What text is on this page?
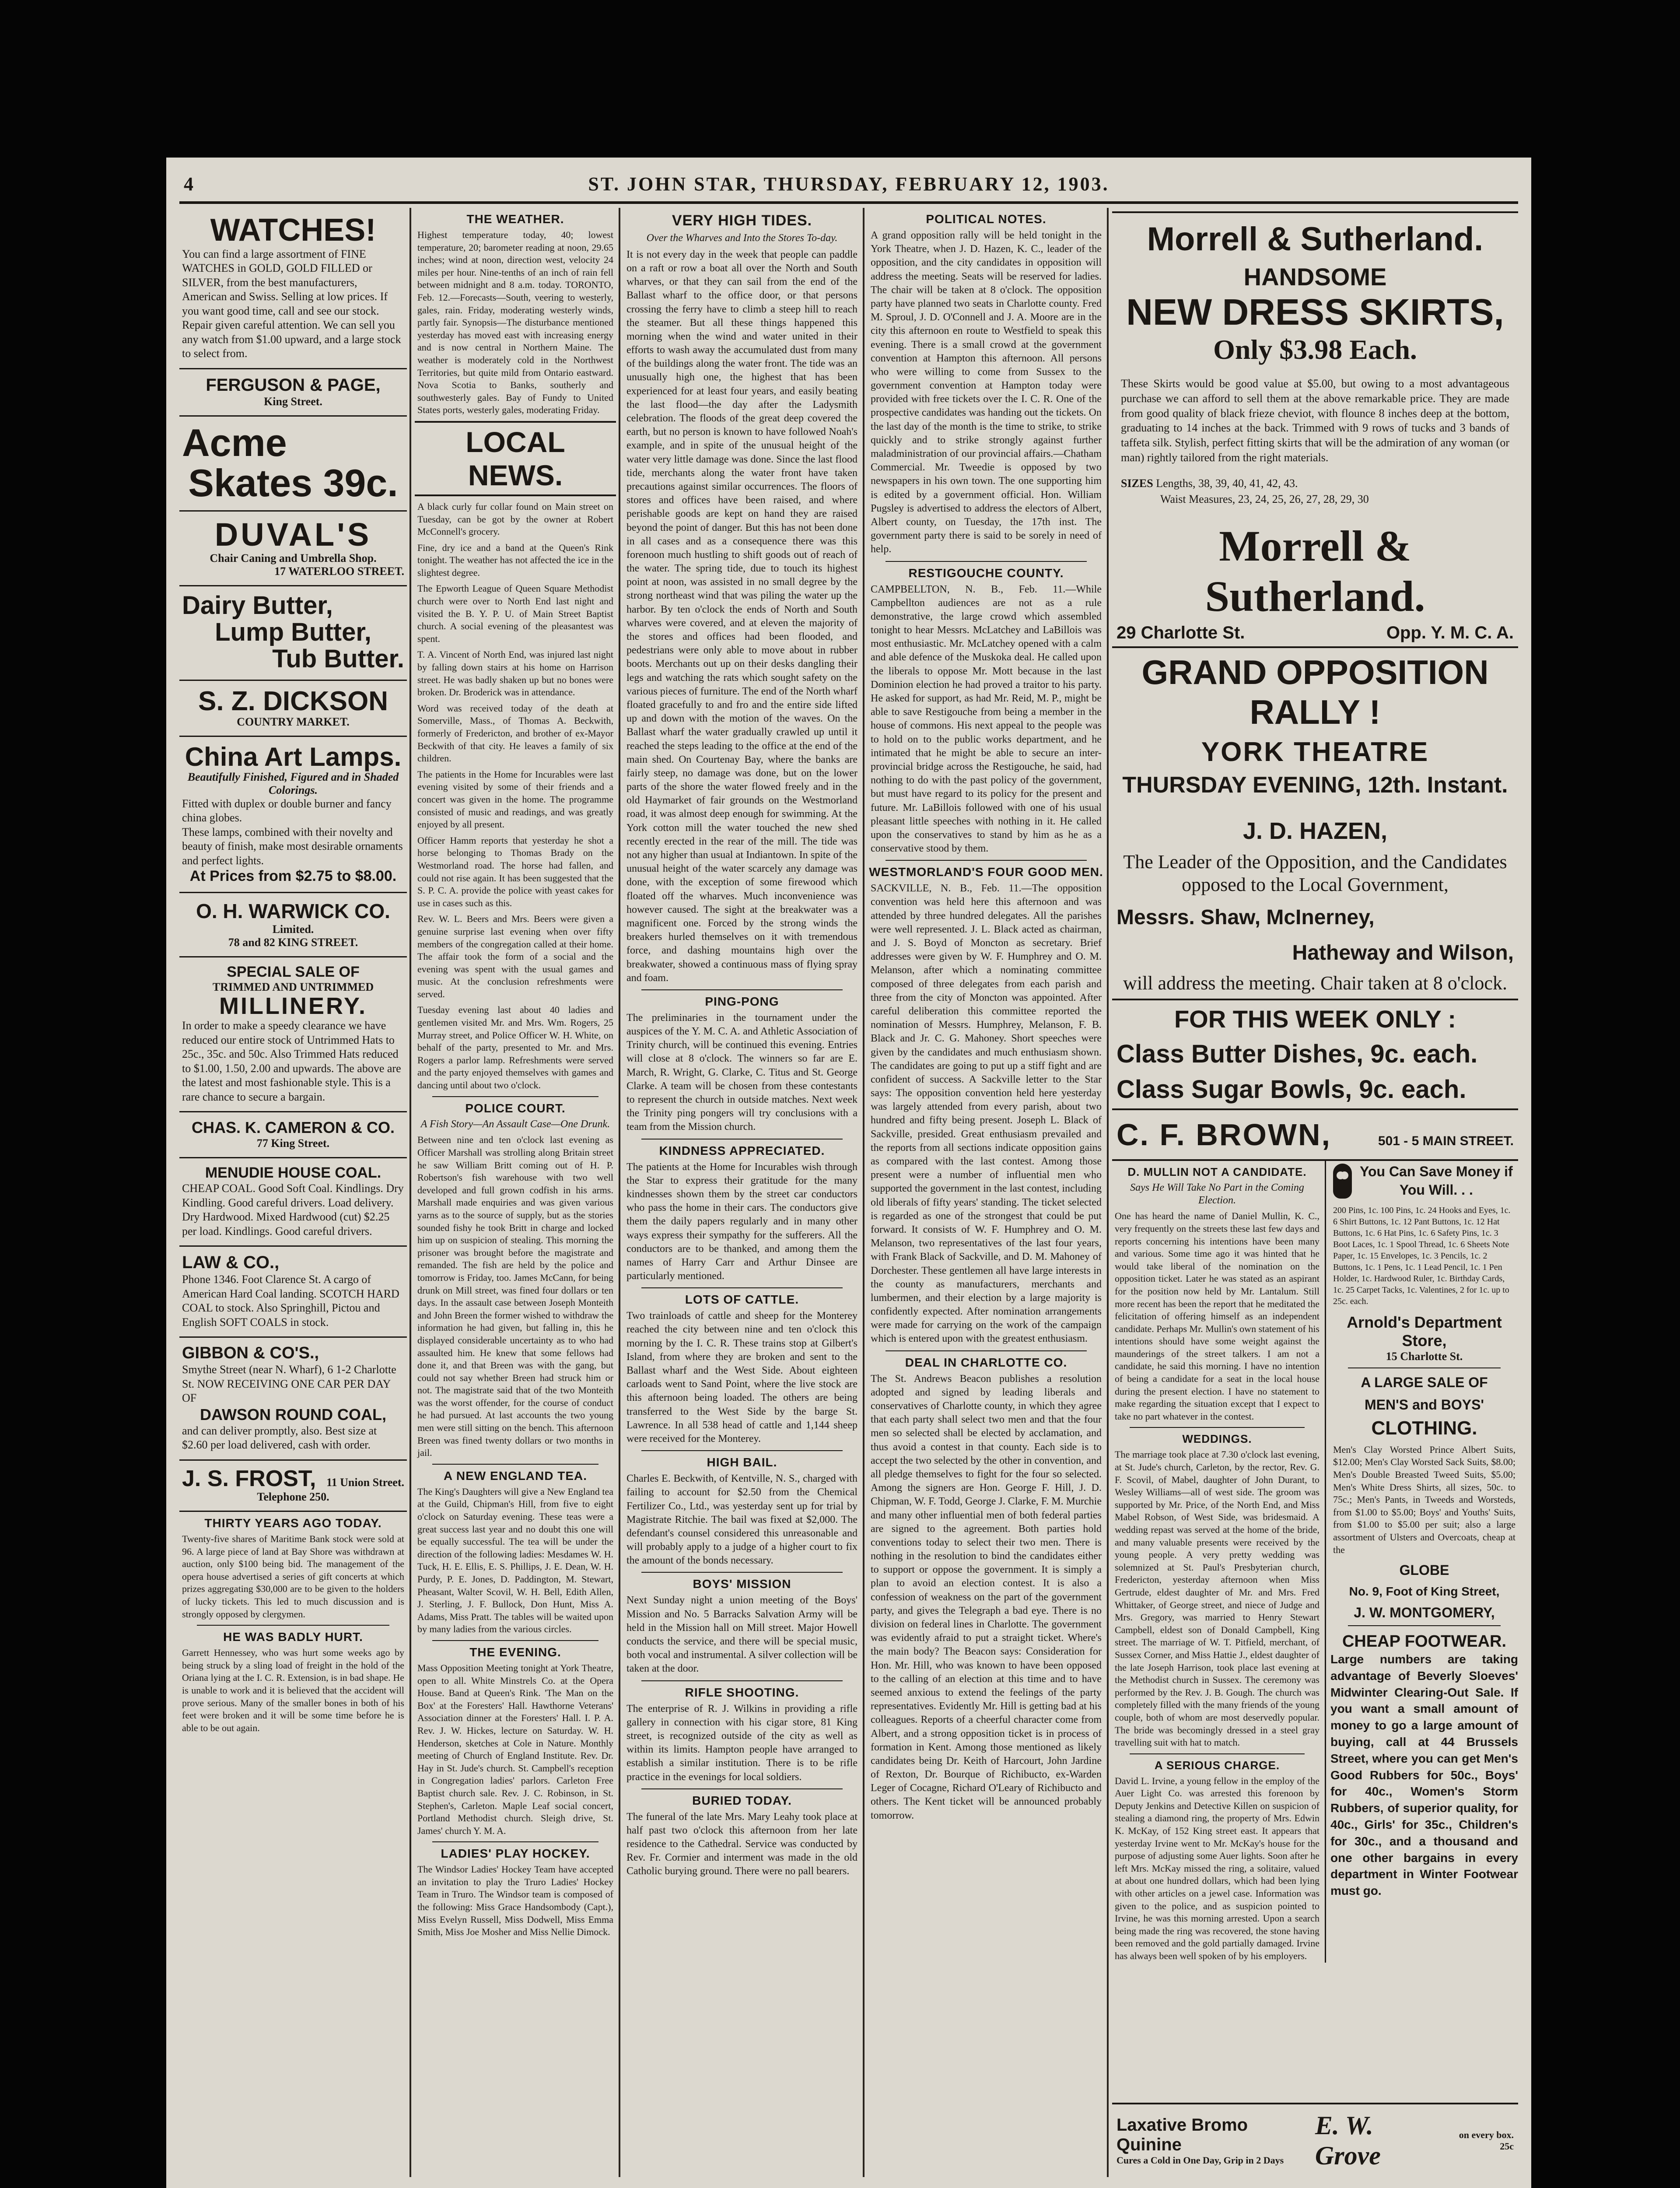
4	ST. JOHN STAR, THURSDAY, FEBRUARY 12, 1903.
WATCHES!
You can find a large assortment of FINE WATCHES in GOLD, GOLD FILLED or SILVER, from the best manufacturers, American and Swiss. Selling at low prices. If you want good time, call and see our stock. Repair given careful attention. We can sell you any watch from $1.00 upward, and a large stock to select from.
FERGUSON & PAGE,
King Street.
Acme
Skates 39c.
DUVAL'S
Chair Caning and Umbrella Shop.
17 WATERLOO STREET.
Dairy Butter,
Lump Butter,
Tub Butter.
S. Z. DICKSON
COUNTRY MARKET.
China Art Lamps.
Beautifully Finished, Figured and in Shaded Colorings.
Fitted with duplex or double burner and fancy china globes.
These lamps, combined with their novelty and beauty of finish, make most desirable ornaments and perfect lights.
At Prices from $2.75 to $8.00.
O. H. WARWICK CO.
Limited.
78 and 82 KING STREET.
SPECIAL SALE OF
TRIMMED AND UNTRIMMED
MILLINERY.
In order to make a speedy clearance we have reduced our entire stock of Untrimmed Hats to 25c., 35c. and 50c. Also Trimmed Hats reduced to $1.00, 1.50, 2.00 and upwards. The above are the latest and most fashionable style. This is a rare chance to secure a bargain.
CHAS. K. CAMERON & CO.
77 King Street.
MENUDIE HOUSE COAL.
CHEAP COAL. Good Soft Coal. Kindlings. Dry Kindling. Good careful drivers. Load delivery. Dry Hardwood. Mixed Hardwood (cut) $2.25 per load. Kindlings. Good careful drivers.
LAW & CO.,
Phone 1346. Foot Clarence St. A cargo of American Hard Coal landing. SCOTCH HARD COAL to stock. Also Springhill, Pictou and English SOFT COALS in stock.
GIBBON & CO'S.,
Smythe Street (near N. Wharf), 6 1-2 Charlotte St. NOW RECEIVING ONE CAR PER DAY OF
DAWSON ROUND COAL,
and can deliver promptly, also. Best size at $2.60 per load delivered, cash with order.
J. S. FROST, 11 Union Street.
Telephone 250.
THIRTY YEARS AGO TODAY.
Twenty-five shares of Maritime Bank stock were sold at 96. A large piece of land at Bay Shore was withdrawn at auction, only $100 being bid. The management of the opera house advertised a series of gift concerts at which prizes aggregating $30,000 are to be given to the holders of lucky tickets. This led to much discussion and is strongly opposed by clergymen.
HE WAS BADLY HURT.
Garrett Hennessey, who was hurt some weeks ago by being struck by a sling load of freight in the hold of the Oriana lying at the I. C. R. Extension, is in bad shape. He is unable to work and it is believed that the accident will prove serious. Many of the smaller bones in both of his feet were broken and it will be some time before he is able to be out again.
THE WEATHER.
Highest temperature today, 40; lowest temperature, 20; barometer reading at noon, 29.65 inches; wind at noon, direction west, velocity 24 miles per hour. Nine-tenths of an inch of rain fell between midnight and 8 a.m. today. TORONTO, Feb. 12.—Forecasts—South, veering to westerly, gales, rain. Friday, moderating westerly winds, partly fair. Synopsis—The disturbance mentioned yesterday has moved east with increasing energy and is now central in Northern Maine. The weather is moderately cold in the Northwest Territories, but quite mild from Ontario eastward. Nova Scotia to Banks, southerly and southwesterly gales. Bay of Fundy to United States ports, westerly gales, moderating Friday.
LOCAL NEWS.
A black curly fur collar found on Main street on Tuesday, can be got by the owner at Robert McConnell's grocery.
Fine, dry ice and a band at the Queen's Rink tonight. The weather has not affected the ice in the slightest degree.
The Epworth League of Queen Square Methodist church were over to North End last night and visited the B. Y. P. U. of Main Street Baptist church. A social evening of the pleasantest was spent.
T. A. Vincent of North End, was injured last night by falling down stairs at his home on Harrison street. He was badly shaken up but no bones were broken. Dr. Broderick was in attendance.
Word was received today of the death at Somerville, Mass., of Thomas A. Beckwith, formerly of Fredericton, and brother of ex-Mayor Beckwith of that city. He leaves a family of six children.
The patients in the Home for Incurables were last evening visited by some of their friends and a concert was given in the home. The programme consisted of music and readings, and was greatly enjoyed by all present.
Officer Hamm reports that yesterday he shot a horse belonging to Thomas Brady on the Westmorland road. The horse had fallen, and could not rise again. It has been suggested that the S. P. C. A. provide the police with yeast cakes for use in cases such as this.
Rev. W. L. Beers and Mrs. Beers were given a genuine surprise last evening when over fifty members of the congregation called at their home. The affair took the form of a social and the evening was spent with the usual games and music. At the conclusion refreshments were served.
Tuesday evening last about 40 ladies and gentlemen visited Mr. and Mrs. Wm. Rogers, 25 Murray street, and Police Officer W. H. White, on behalf of the party, presented to Mr. and Mrs. Rogers a parlor lamp. Refreshments were served and the party enjoyed themselves with games and dancing until about two o'clock.
POLICE COURT.
A Fish Story—An Assault Case—One Drunk.
Between nine and ten o'clock last evening as Officer Marshall was strolling along Britain street he saw William Britt coming out of H. P. Robertson's fish warehouse with two well developed and full grown codfish in his arms. Marshall made enquiries and was given various yarns as to the source of supply, but as the stories sounded fishy he took Britt in charge and locked him up on suspicion of stealing. This morning the prisoner was brought before the magistrate and remanded. The fish are held by the police and tomorrow is Friday, too. James McCann, for being drunk on Mill street, was fined four dollars or ten days. In the assault case between Joseph Monteith and John Breen the former wished to withdraw the information he had given, but falling in, this he displayed considerable uncertainty as to who had assaulted him. He knew that some fellows had done it, and that Breen was with the gang, but could not say whether Breen had struck him or not. The magistrate said that of the two Monteith was the worst offender, for the course of conduct he had pursued. At last accounts the two young men were still sitting on the bench. This afternoon Breen was fined twenty dollars or two months in jail.
A NEW ENGLAND TEA.
The King's Daughters will give a New England tea at the Guild, Chipman's Hill, from five to eight o'clock on Saturday evening. These teas were a great success last year and no doubt this one will be equally successful. The tea will be under the direction of the following ladies: Mesdames W. H. Tuck, H. E. Ellis, E. S. Phillips, J. E. Dean, W. H. Purdy, P. E. Jones, D. Paddington, M. Stewart, Pheasant, Walter Scovil, W. H. Bell, Edith Allen, J. Sterling, J. F. Bullock, Don Hunt, Miss A. Adams, Miss Pratt. The tables will be waited upon by many ladies from the various circles.
THE EVENING.
Mass Opposition Meeting tonight at York Theatre, open to all. White Minstrels Co. at the Opera House. Band at Queen's Rink. 'The Man on the Box' at the Foresters' Hall. Hawthorne Veterans' Association dinner at the Foresters' Hall. I. P. A. Rev. J. W. Hickes, lecture on Saturday. W. H. Henderson, sketches at Cole in Nature. Monthly meeting of Church of England Institute. Rev. Dr. Hay in St. Jude's church. St. Campbell's reception in Congregation ladies' parlors. Carleton Free Baptist church sale. Rev. J. C. Robinson, in St. Stephen's, Carleton. Maple Leaf social concert, Portland Methodist church. Sleigh drive, St. James' church Y. M. A.
LADIES' PLAY HOCKEY.
The Windsor Ladies' Hockey Team have accepted an invitation to play the Truro Ladies' Hockey Team in Truro. The Windsor team is composed of the following: Miss Grace Handsombody (Capt.), Miss Evelyn Russell, Miss Dodwell, Miss Emma Smith, Miss Joe Mosher and Miss Nellie Dimock.
VERY HIGH TIDES.
Over the Wharves and Into the Stores To-day.
It is not every day in the week that people can paddle on a raft or row a boat all over the North and South wharves, or that they can sail from the end of the Ballast wharf to the office door, or that persons crossing the ferry have to climb a steep hill to reach the steamer. But all these things happened this morning when the wind and water united in their efforts to wash away the accumulated dust from many of the buildings along the water front. The tide was an unusually high one, the highest that has been experienced for at least four years, and easily beating the last flood—the day after the Ladysmith celebration. The floods of the great deep covered the earth, but no person is known to have followed Noah's example, and in spite of the unusual height of the water very little damage was done. Since the last flood tide, merchants along the water front have taken precautions against similar occurrences. The floors of stores and offices have been raised, and where perishable goods are kept on hand they are raised beyond the point of danger. But this has not been done in all cases and as a consequence there was this forenoon much hustling to shift goods out of reach of the water. The spring tide, due to touch its highest point at noon, was assisted in no small degree by the strong northeast wind that was piling the water up the harbor. By ten o'clock the ends of North and South wharves were covered, and at eleven the majority of the stores and offices had been flooded, and pedestrians were only able to move about in rubber boots. Merchants out up on their desks dangling their legs and watching the rats which sought safety on the various pieces of furniture. The end of the North wharf floated gracefully to and fro and the entire side lifted up and down with the motion of the waves. On the Ballast wharf the water gradually crawled up until it reached the steps leading to the office at the end of the main shed. On Courtenay Bay, where the banks are fairly steep, no damage was done, but on the lower parts of the shore the water flowed freely and in the old Haymarket of fair grounds on the Westmorland road, it was almost deep enough for swimming. At the York cotton mill the water touched the new shed recently erected in the rear of the mill. The tide was not any higher than usual at Indiantown. In spite of the unusual height of the water scarcely any damage was done, with the exception of some firewood which floated off the wharves. Much inconvenience was however caused. The sight at the breakwater was a magnificent one. Forced by the strong winds the breakers hurled themselves on it with tremendous force, and dashing mountains high over the breakwater, showed a continuous mass of flying spray and foam.
PING-PONG
The preliminaries in the tournament under the auspices of the Y. M. C. A. and Athletic Association of Trinity church, will be continued this evening. Entries will close at 8 o'clock. The winners so far are E. March, R. Wright, G. Clarke, C. Titus and St. George Clarke. A team will be chosen from these contestants to represent the church in outside matches. Next week the Trinity ping pongers will try conclusions with a team from the Mission church.
KINDNESS APPRECIATED.
The patients at the Home for Incurables wish through the Star to express their gratitude for the many kindnesses shown them by the street car conductors who pass the home in their cars. The conductors give them the daily papers regularly and in many other ways express their sympathy for the sufferers. All the conductors are to be thanked, and among them the names of Harry Carr and Arthur Dinsee are particularly mentioned.
LOTS OF CATTLE.
Two trainloads of cattle and sheep for the Monterey reached the city between nine and ten o'clock this morning by the I. C. R. These trains stop at Gilbert's Island, from where they are broken and sent to the Ballast wharf and the West Side. About eighteen carloads went to Sand Point, where the live stock are this afternoon being loaded. The others are being transferred to the West Side by the barge St. Lawrence. In all 538 head of cattle and 1,144 sheep were received for the Monterey.
HIGH BAIL.
Charles E. Beckwith, of Kentville, N. S., charged with failing to account for $2.50 from the Chemical Fertilizer Co., Ltd., was yesterday sent up for trial by Magistrate Ritchie. The bail was fixed at $2,000. The defendant's counsel considered this unreasonable and will probably apply to a judge of a higher court to fix the amount of the bonds necessary.
BOYS' MISSION
Next Sunday night a union meeting of the Boys' Mission and No. 5 Barracks Salvation Army will be held in the Mission hall on Mill street. Major Howell conducts the service, and there will be special music, both vocal and instrumental. A silver collection will be taken at the door.
RIFLE SHOOTING.
The enterprise of R. J. Wilkins in providing a rifle gallery in connection with his cigar store, 81 King street, is recognized outside of the city as well as within its limits. Hampton people have arranged to establish a similar institution. There is to be rifle practice in the evenings for local soldiers.
BURIED TODAY.
The funeral of the late Mrs. Mary Leahy took place at half past two o'clock this afternoon from her late residence to the Cathedral. Service was conducted by Rev. Fr. Cormier and interment was made in the old Catholic burying ground. There were no pall bearers.
POLITICAL NOTES.
A grand opposition rally will be held tonight in the York Theatre, when J. D. Hazen, K. C., leader of the opposition, and the city candidates in opposition will address the meeting. Seats will be reserved for ladies. The chair will be taken at 8 o'clock. The opposition party have planned two seats in Charlotte county. Fred M. Sproul, J. D. O'Connell and J. A. Moore are in the city this afternoon en route to Westfield to speak this evening. There is a small crowd at the government convention at Hampton this afternoon. All persons who were willing to come from Sussex to the government convention at Hampton today were provided with free tickets over the I. C. R. One of the prospective candidates was handing out the tickets. On the last day of the month is the time to strike, to strike quickly and to strike strongly against further maladministration of our provincial affairs.—Chatham Commercial. Mr. Tweedie is opposed by two newspapers in his own town. The one supporting him is edited by a government official. Hon. William Pugsley is advertised to address the electors of Albert, Albert county, on Tuesday, the 17th inst. The government party there is said to be sorely in need of help.
RESTIGOUCHE COUNTY.
CAMPBELLTON, N. B., Feb. 11.—While Campbellton audiences are not as a rule demonstrative, the large crowd which assembled tonight to hear Messrs. McLatchey and LaBillois was most enthusiastic. Mr. McLatchey opened with a calm and able defence of the Muskoka deal. He called upon the liberals to oppose Mr. Mott because in the last Dominion election he had proved a traitor to his party. He asked for support, as had Mr. Reid, M. P., might be able to save Restigouche from being a member in the house of commons. His next appeal to the people was to hold on to the public works department, and he intimated that he might be able to secure an inter-provincial bridge across the Restigouche, he said, had nothing to do with the past policy of the government, but must have regard to its policy for the present and future. Mr. LaBillois followed with one of his usual pleasant little speeches with nothing in it. He called upon the conservatives to stand by him as he as a conservative stood by them.
WESTMORLAND'S FOUR GOOD MEN.
SACKVILLE, N. B., Feb. 11.—The opposition convention was held here this afternoon and was attended by three hundred delegates. All the parishes were well represented. J. L. Black acted as chairman, and J. S. Boyd of Moncton as secretary. Brief addresses were given by W. F. Humphrey and O. M. Melanson, after which a nominating committee composed of three delegates from each parish and three from the city of Moncton was appointed. After careful deliberation this committee reported the nomination of Messrs. Humphrey, Melanson, F. B. Black and Jr. C. G. Mahoney. Short speeches were given by the candidates and much enthusiasm shown. The candidates are going to put up a stiff fight and are confident of success. A Sackville letter to the Star says: The opposition convention held here yesterday was largely attended from every parish, about two hundred and fifty being present. Joseph L. Black of Sackville, presided. Great enthusiasm prevailed and the reports from all sections indicate opposition gains as compared with the last contest. Among those present were a number of influential men who supported the government in the last contest, including old liberals of fifty years' standing. The ticket selected is regarded as one of the strongest that could be put forward. It consists of W. F. Humphrey and O. M. Melanson, two representatives of the last four years, with Frank Black of Sackville, and D. M. Mahoney of Dorchester. These gentlemen all have large interests in the county as manufacturers, merchants and lumbermen, and their election by a large majority is confidently expected. After nomination arrangements were made for carrying on the work of the campaign which is entered upon with the greatest enthusiasm.
DEAL IN CHARLOTTE CO.
The St. Andrews Beacon publishes a resolution adopted and signed by leading liberals and conservatives of Charlotte county, in which they agree that each party shall select two men and that the four men so selected shall be elected by acclamation, and thus avoid a contest in that county. Each side is to accept the two selected by the other in convention, and all pledge themselves to fight for the four so selected. Among the signers are Hon. George F. Hill, J. D. Chipman, W. F. Todd, George J. Clarke, F. M. Murchie and many other influential men of both federal parties are signed to the agreement. Both parties hold conventions today to select their two men. There is nothing in the resolution to bind the candidates either to support or oppose the government. It is simply a plan to avoid an election contest. It is also a confession of weakness on the part of the government party, and gives the Telegraph a bad eye. There is no division on federal lines in Charlotte. The government was evidently afraid to put a straight ticket. Where's the main body? The Beacon says: Consideration for Hon. Mr. Hill, who was known to have been opposed to the calling of an election at this time and to have seemed anxious to extend the feelings of the party representatives. Evidently Mr. Hill is getting bad at his colleagues. Reports of a cheerful character come from Albert, and a strong opposition ticket is in process of formation in Kent. Among those mentioned as likely candidates being Dr. Keith of Harcourt, John Jardine of Rexton, Dr. Bourque of Richibucto, ex-Warden Leger of Cocagne, Richard O'Leary of Richibucto and others. The Kent ticket will be announced probably tomorrow.
Morrell & Sutherland.
HANDSOME
NEW DRESS SKIRTS,
Only $3.98 Each.
These Skirts would be good value at $5.00, but owing to a most advantageous purchase we can afford to sell them at the above remarkable price. They are made from good quality of black frieze cheviot, with flounce 8 inches deep at the bottom, graduating to 14 inches at the back. Trimmed with 9 rows of tucks and 3 bands of taffeta silk. Stylish, perfect fitting skirts that will be the admiration of any woman (or man) rightly tailored from the right materials.
SIZES Lengths, 38, 39, 40, 41, 42, 43.
Waist Measures, 23, 24, 25, 26, 27, 28, 29, 30
Morrell & Sutherland.
29 Charlotte St.	Opp. Y. M. C. A.
GRAND OPPOSITION RALLY !
YORK THEATRE
THURSDAY EVENING, 12th. Instant.
J. D. HAZEN,
The Leader of the Opposition, and the Candidates opposed to the Local Government,
Messrs. Shaw, McInerney,
Hatheway and Wilson,
will address the meeting. Chair taken at 8 o'clock.
FOR THIS WEEK ONLY :
Class Butter Dishes, 9c. each.
Class Sugar Bowls, 9c. each.
C. F. BROWN,	501 - 5 MAIN STREET.
D. MULLIN NOT A CANDIDATE.
Says He Will Take No Part in the Coming Election.
One has heard the name of Daniel Mullin, K. C., very frequently on the streets these last few days and reports concerning his intentions have been many and various. Some time ago it was hinted that he would take liberal of the nomination on the opposition ticket. Later he was stated as an aspirant for the position now held by Mr. Lantalum. Still more recent has been the report that he meditated the felicitation of offering himself as an independent candidate. Perhaps Mr. Mullin's own statement of his intentions should have some weight against the maunderings of the street talkers. I am not a candidate, he said this morning. I have no intention of being a candidate for a seat in the local house during the present election. I have no statement to make regarding the situation except that I expect to take no part whatever in the contest.
WEDDINGS.
The marriage took place at 7.30 o'clock last evening, at St. Jude's church, Carleton, by the rector, Rev. G. F. Scovil, of Mabel, daughter of John Durant, to Wesley Williams—all of west side. The groom was supported by Mr. Price, of the North End, and Miss Mabel Robson, of West Side, was bridesmaid. A wedding repast was served at the home of the bride, and many valuable presents were received by the young people. A very pretty wedding was solemnized at St. Paul's Presbyterian church, Fredericton, yesterday afternoon when Miss Gertrude, eldest daughter of Mr. and Mrs. Fred Whittaker, of George street, and niece of Judge and Mrs. Gregory, was married to Henry Stewart Campbell, eldest son of Donald Campbell, King street. The marriage of W. T. Pitfield, merchant, of Sussex Corner, and Miss Hattie J., eldest daughter of the late Joseph Harrison, took place last evening at the Methodist church in Sussex. The ceremony was performed by the Rev. J. B. Gough. The church was completely filled with the many friends of the young couple, both of whom are most deservedly popular. The bride was becomingly dressed in a steel gray travelling suit with hat to match.
A SERIOUS CHARGE.
David L. Irvine, a young fellow in the employ of the Auer Light Co. was arrested this forenoon by Deputy Jenkins and Detective Killen on suspicion of stealing a diamond ring, the property of Mrs. Edwin K. McKay, of 152 King street east. It appears that yesterday Irvine went to Mr. McKay's house for the purpose of adjusting some Auer lights. Soon after he left Mrs. McKay missed the ring, a solitaire, valued at about one hundred dollars, which had been lying with other articles on a jewel case. Information was given to the police, and as suspicion pointed to Irvine, he was this morning arrested. Upon a search being made the ring was recovered, the stone having been removed and the gold partially damaged. Irvine has always been well spoken of by his employers.
You Can Save Money if You Will. . .
200 Pins, 1c. 100 Pins, 1c. 24 Hooks and Eyes, 1c. 6 Shirt Buttons, 1c. 12 Pant Buttons, 1c. 12 Hat Buttons, 1c. 6 Hat Pins, 1c. 6 Safety Pins, 1c. 3 Boot Laces, 1c. 1 Spool Thread, 1c. 6 Sheets Note Paper, 1c. 15 Envelopes, 1c. 3 Pencils, 1c. 2 Buttons, 1c. 1 Pens, 1c. 1 Lead Pencil, 1c. 1 Pen Holder, 1c. Hardwood Ruler, 1c. Birthday Cards, 1c. 25 Carpet Tacks, 1c. Valentines, 2 for 1c. up to 25c. each.
Arnold's Department Store,
15 Charlotte St.
A LARGE SALE OF
MEN'S and BOYS'
CLOTHING.
Men's Clay Worsted Prince Albert Suits, $12.00; Men's Clay Worsted Sack Suits, $8.00; Men's Double Breasted Tweed Suits, $5.00; Men's White Dress Shirts, all sizes, 50c. to 75c.; Men's Pants, in Tweeds and Worsteds, from $1.00 to $5.00; Boys' and Youths' Suits, from $1.00 to $5.00 per suit; also a large assortment of Ulsters and Overcoats, cheap at the
GLOBE
No. 9, Foot of King Street,
J. W. MONTGOMERY,
CHEAP FOOTWEAR.
Large numbers are taking advantage of Beverly Sloeves' Midwinter Clearing-Out Sale. If you want a small amount of money to go a large amount of buying, call at 44 Brussels Street, where you can get Men's Good Rubbers for 50c., Boys' for 40c., Women's Storm Rubbers, of superior quality, for 40c., Girls' for 35c., Children's for 30c., and a thousand and one other bargains in every department in Winter Footwear must go.
Laxative Bromo Quinine
Cures a Cold in One Day, Grip in 2 Days
E. W. Grove
on every box. 25c
